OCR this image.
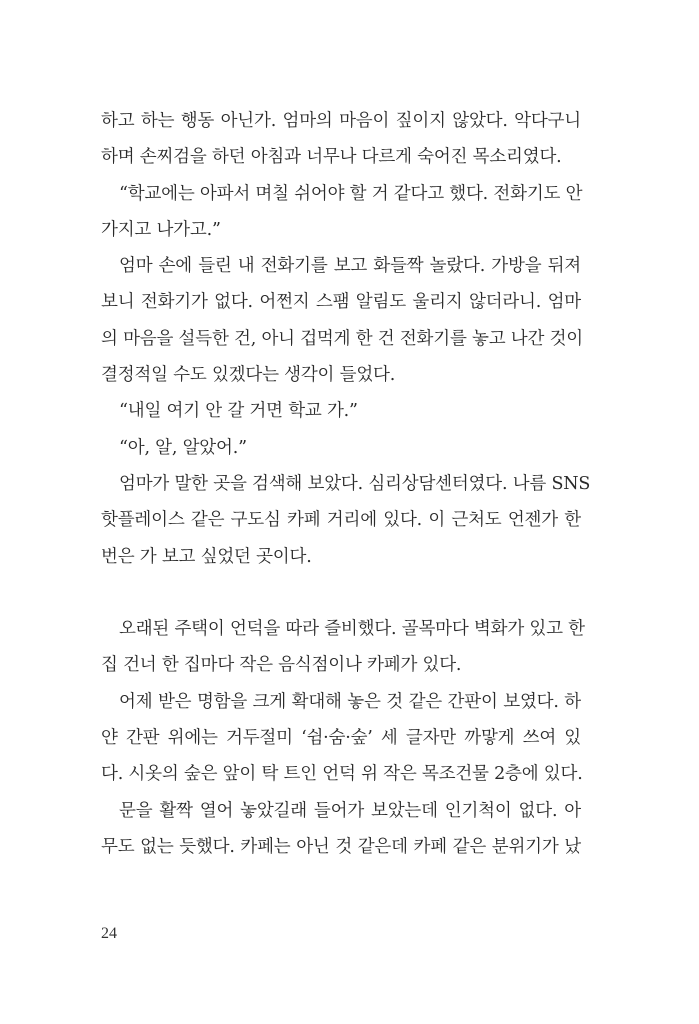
하고 하는 행동 아닌가. 엄마의 마음이 짚이지 않았다. 악다구니
하며 손찌검을 하던 아침과 너무나 다르게 숙어진 목소리였다.
“학교에는 아파서 며칠 쉬어야 할 거 같다고 했다. 전화기도 안
가지고 나가고.”
엄마 손에 들린 내 전화기를 보고 화들짝 놀랐다. 가방을 뒤져
보니 전화기가 없다. 어쩐지 스팸 알림도 울리지 않더라니. 엄마
의 마음을 설득한 건, 아니 겁먹게 한 건 전화기를 놓고 나간 것이
결정적일 수도 있겠다는 생각이 들었다.
“내일 여기 안 갈 거면 학교 가.”
“아, 알, 알았어.”
엄마가 말한 곳을 검색해 보았다. 심리상담센터였다. 나름 SNS
핫플레이스 같은 구도심 카페 거리에 있다. 이 근처도 언젠가 한
번은 가 보고 싶었던 곳이다.
오래된 주택이 언덕을 따라 즐비했다. 골목마다 벽화가 있고 한
집 건너 한 집마다 작은 음식점이나 카페가 있다.
어제 받은 명함을 크게 확대해 놓은 것 같은 간판이 보였다. 하
얀 간판 위에는 거두절미 ‘쉼·숨·숲’ 세 글자만 까맣게 쓰여 있
다. 시옷의 숲은 앞이 탁 트인 언덕 위 작은 목조건물 2층에 있다.
문을 활짝 열어 놓았길래 들어가 보았는데 인기척이 없다. 아
무도 없는 듯했다. 카페는 아닌 것 같은데 카페 같은 분위기가 났
24
